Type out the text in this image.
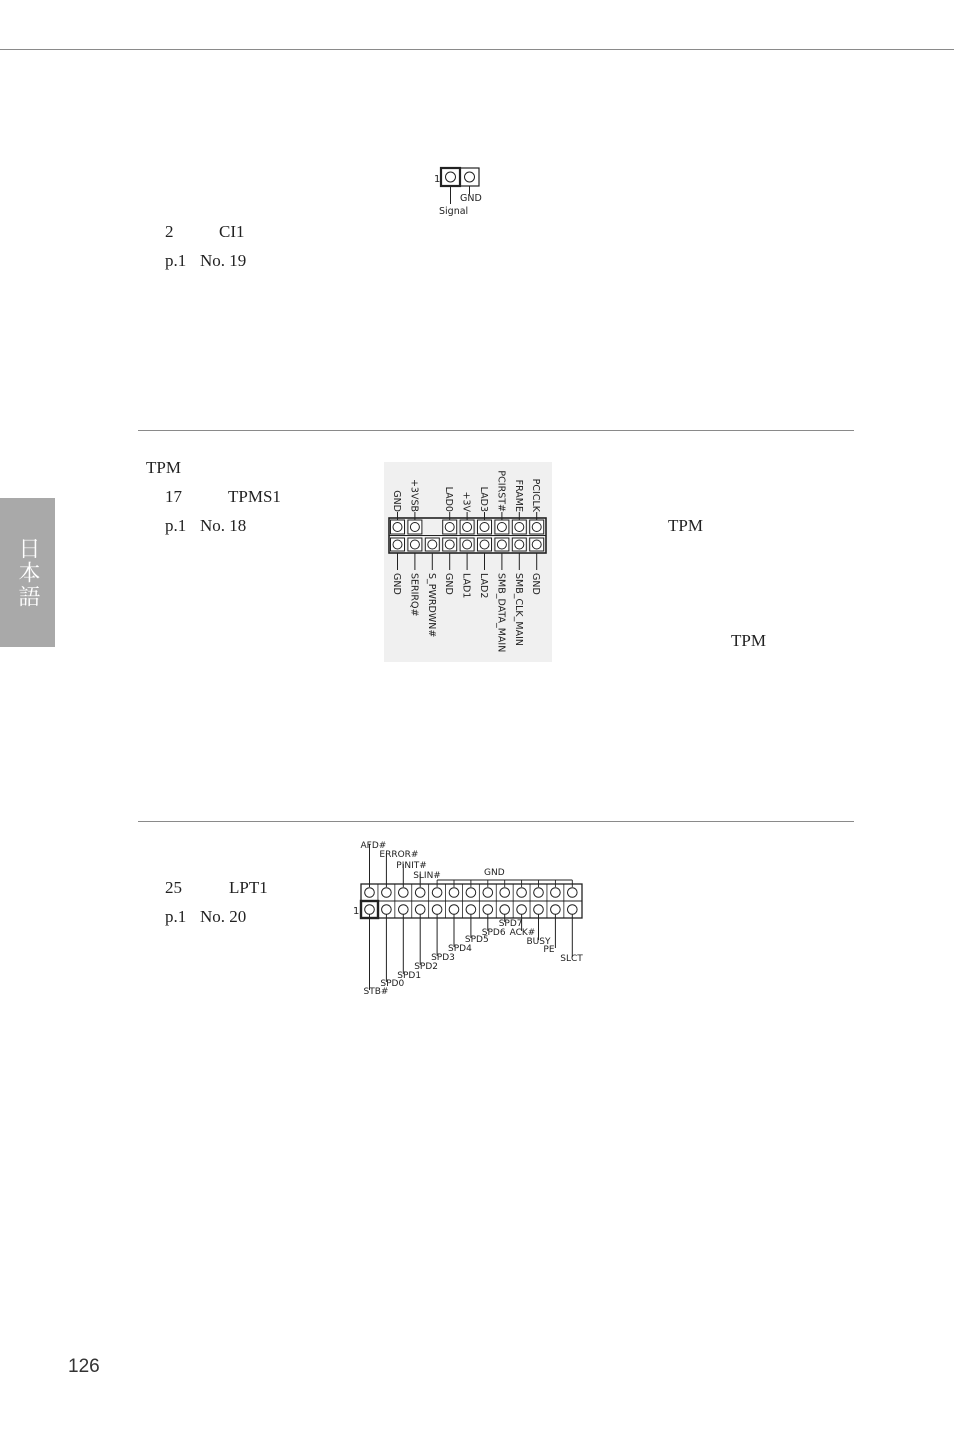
日本語
1
GND
Signal
2	CI1
p.1 No. 19
TPM
17	TPMS1
p.1 No. 18	TPM
TPM
GND +3VSB	LAD0 +3V LAD3 PCIRST# FRAME PCICLK
GND SERIRQ# S_PWRDWN# GND LAD1 LAD2 SMB_DATA_MAIN SMB_CLK_MAIN GND
25	LPT1
p.1 No. 20	1
AFD#
ERROR#
PINIT#
SLIN#	GND
STB#
SPD0
SPD1
SPD2
SPD3
SPD4
SPD5
SPD6
SPD7
ACK#
BUSY
PE
SLCT
126
